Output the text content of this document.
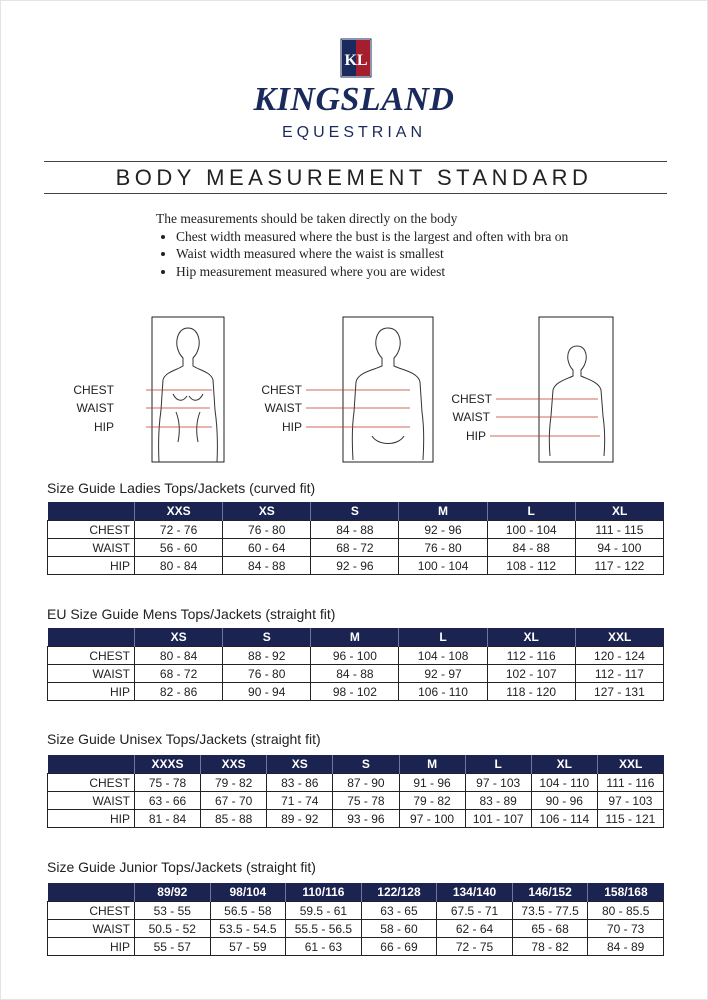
KL
KINGSLAND
EQUESTRIAN
BODY MEASUREMENT STANDARD
The measurements should be taken directly on the body
• Chest width measured where the bust is the largest and often with bra on
• Waist width measured where the waist is smallest
• Hip measurement measured where you are widest
CHEST
WAIST
HIP
CHEST
WAIST
HIP
CHEST
WAIST
HIP
Size Guide Ladies Tops/Jackets (curved fit)
	XXS	XS	S	M	L	XL
CHEST	72 - 76	76 - 80	84 - 88	92 - 96	100 - 104	111 - 115
WAIST	56 - 60	60 - 64	68 - 72	76 - 80	84 - 88	94 - 100
HIP	80 - 84	84 - 88	92 - 96	100 - 104	108 - 112	117 - 122
EU Size Guide Mens Tops/Jackets (straight fit)
	XS	S	M	L	XL	XXL
CHEST	80 - 84	88 - 92	96 - 100	104 - 108	112 - 116	120 - 124
WAIST	68 - 72	76 - 80	84 - 88	92 - 97	102 - 107	112 - 117
HIP	82 - 86	90 - 94	98 - 102	106 - 110	118 - 120	127 - 131
Size Guide Unisex Tops/Jackets (straight fit)
	XXXS	XXS	XS	S	M	L	XL	XXL
CHEST	75 - 78	79 - 82	83 - 86	87 - 90	91 - 96	97 - 103	104 - 110	111 - 116
WAIST	63 - 66	67 - 70	71 - 74	75 - 78	79 - 82	83 - 89	90 - 96	97 - 103
HIP	81 - 84	85 - 88	89 - 92	93 - 96	97 - 100	101 - 107	106 - 114	115 - 121
Size Guide Junior Tops/Jackets (straight fit)
	89/92	98/104	110/116	122/128	134/140	146/152	158/168
CHEST	53 - 55	56.5 - 58	59.5 - 61	63 - 65	67.5 - 71	73.5 - 77.5	80 - 85.5
WAIST	50.5 - 52	53.5 - 54.5	55.5 - 56.5	58 - 60	62 - 64	65 - 68	70 - 73
HIP	55 - 57	57 - 59	61 - 63	66 - 69	72 - 75	78 - 82	84 - 89
